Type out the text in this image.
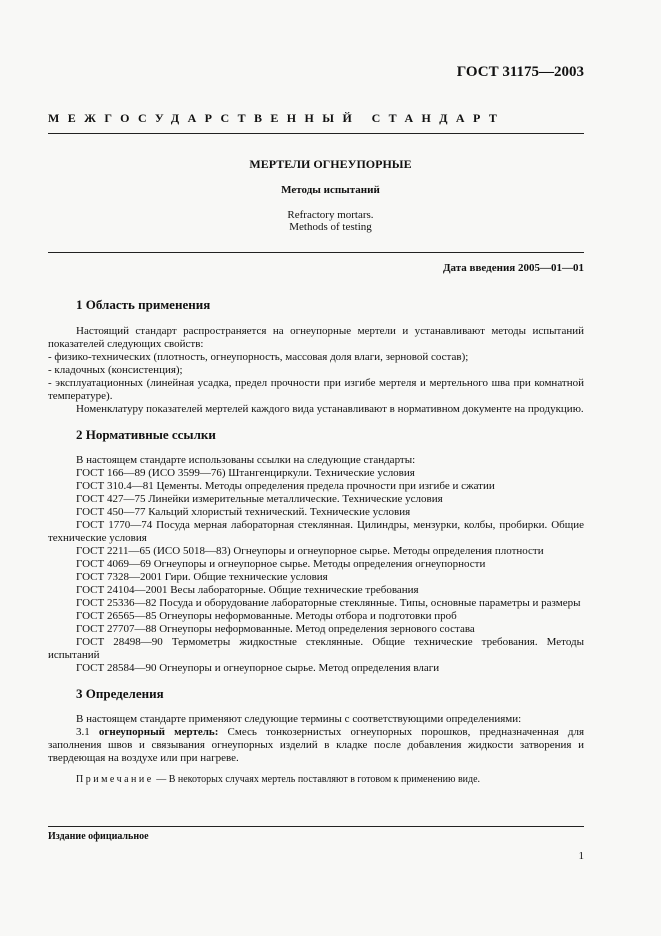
ГОСТ 31175—2003
МЕЖГОСУДАРСТВЕННЫЙ СТАНДАРТ
МЕРТЕЛИ ОГНЕУПОРНЫЕ
Методы испытаний
Refractory mortars.
Methods of testing
Дата введения 2005—01—01
1 Область применения

Настоящий стандарт распространяется на огнеупорные мертели и устанавливают методы испытаний показателей следующих свойств:

- физико-технических (плотность, огнеупорность, массовая доля влаги, зерновой состав);

- кладочных (консистенция);

- эксплуатационных (линейная усадка, предел прочности при изгибе мертеля и мертельного шва при комнатной температуре).

Номенклатуру показателей мертелей каждого вида устанавливают в нормативном документе на продукцию.

2 Нормативные ссылки

В настоящем стандарте использованы ссылки на следующие стандарты:

ГОСТ 166—89 (ИСО 3599—76) Штангенциркули. Технические условия

ГОСТ 310.4—81 Цементы. Методы определения предела прочности при изгибе и сжатии

ГОСТ 427—75 Линейки измерительные металлические. Технические условия

ГОСТ 450—77 Кальций хлористый технический. Технические условия

ГОСТ 1770—74 Посуда мерная лабораторная стеклянная. Цилиндры, мензурки, колбы, пробирки. Общие технические условия

ГОСТ 2211—65 (ИСО 5018—83) Огнеупоры и огнеупорное сырье. Методы определения плотности

ГОСТ 4069—69 Огнеупоры и огнеупорное сырье. Методы определения огнеупорности

ГОСТ 7328—2001 Гири. Общие технические условия

ГОСТ 24104—2001 Весы лабораторные. Общие технические требования

ГОСТ 25336—82 Посуда и оборудование лабораторные стеклянные. Типы, основные параметры и размеры

ГОСТ 26565—85 Огнеупоры неформованные. Методы отбора и подготовки проб

ГОСТ 27707—88 Огнеупоры неформованные. Метод определения зернового состава

ГОСТ 28498—90 Термометры жидкостные стеклянные. Общие технические требования. Методы испытаний

ГОСТ 28584—90 Огнеупоры и огнеупорное сырье. Метод определения влаги

3 Определения

В настоящем стандарте применяют следующие термины с соответствующими определениями:

3.1 огнеупорный мертель: Смесь тонкозернистых огнеупорных порошков, предназначенная для заполнения швов и связывания огнеупорных изделий в кладке после добавления жидкости затворения и твердеющая на воздухе или при нагреве.

Примечание — В некоторых случаях мертель поставляют в готовом к применению виде.

Издание официальное
1
